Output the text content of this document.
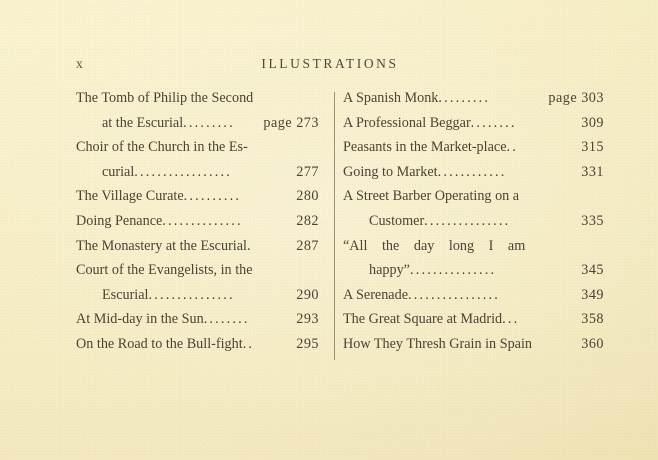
x	ILLUSTRATIONS
The Tomb of Philip the Second
at the Escurial......... page 273
Choir of the Church in the Es-
curial.................	277
The Village Curate..........	280
Doing Penance..............	282
The Monastery at the Escurial.	287
Court of the Evangelists, in the
Escurial...............	290
At Mid-day in the Sun........	293
On the Road to the Bull-fight..	295
A Spanish Monk.........	page 303
A Professional Beggar........	309
Peasants in the Market-place..	315
Going to Market............	331
A Street Barber Operating on a
Customer...............	335
“All the day long I am
happy”...............	345
A Serenade................	349
The Great Square at Madrid...	358
How They Thresh Grain in Spain	360
